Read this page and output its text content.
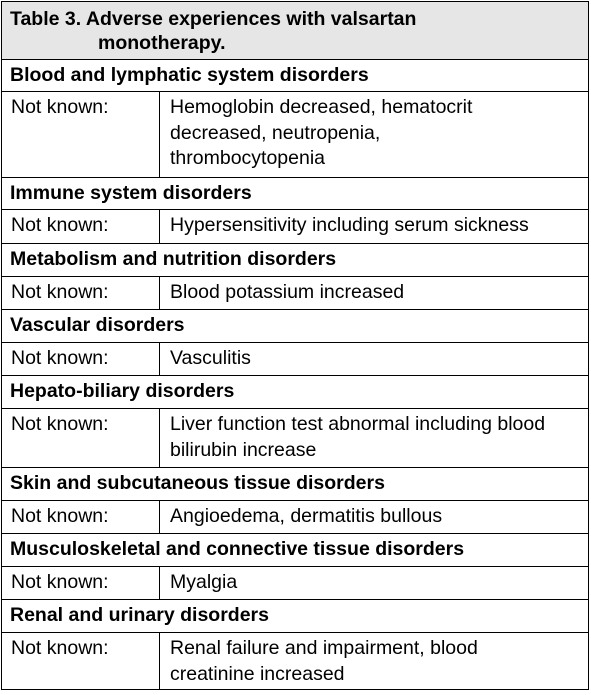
Table 3. Adverse experiences with valsartan
monotherapy.
Blood and lymphatic system disorders
Not known:	Hemoglobin decreased, hematocrit decreased, neutropenia, thrombocytopenia
Immune system disorders
Not known:	Hypersensitivity including serum sickness
Metabolism and nutrition disorders
Not known:	Blood potassium increased
Vascular disorders
Not known:	Vasculitis
Hepato-biliary disorders
Not known:	Liver function test abnormal including blood bilirubin increase
Skin and subcutaneous tissue disorders
Not known:	Angioedema, dermatitis bullous
Musculoskeletal and connective tissue disorders
Not known:	Myalgia
Renal and urinary disorders
Not known:	Renal failure and impairment, blood creatinine increased
